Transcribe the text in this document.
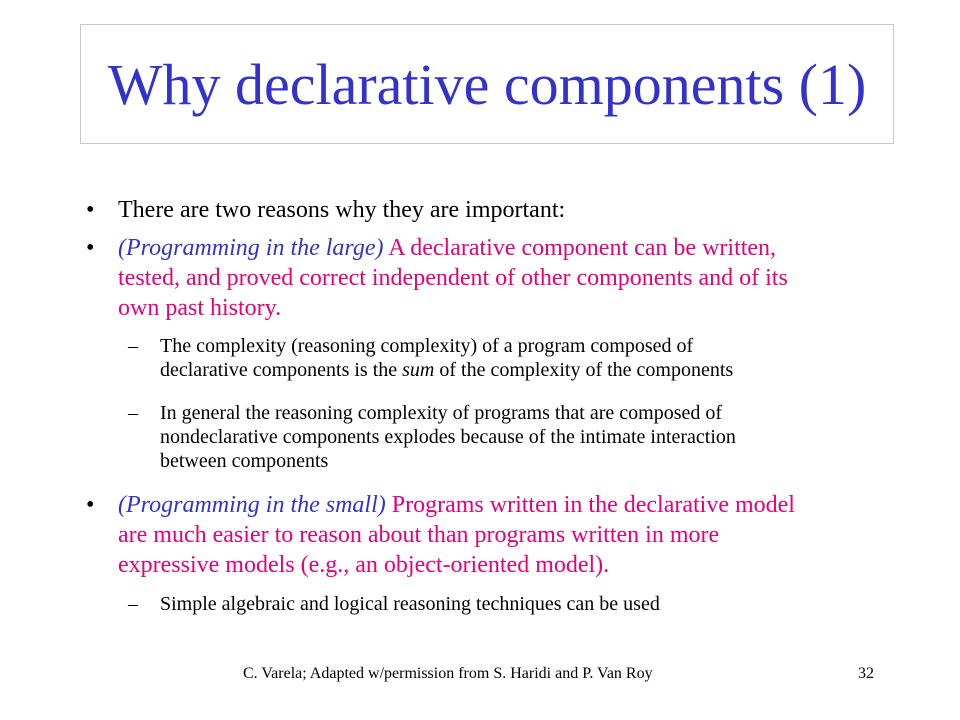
Why declarative components (1)
• There are two reasons why they are important:
• (Programming in the large) A declarative component can be written,
tested, and proved correct independent of other components and of its
own past history.
– The complexity (reasoning complexity) of a program composed of
declarative components is the sum of the complexity of the components
– In general the reasoning complexity of programs that are composed of
nondeclarative components explodes because of the intimate interaction
between components
• (Programming in the small) Programs written in the declarative model
are much easier to reason about than programs written in more
expressive models (e.g., an object-oriented model).
– Simple algebraic and logical reasoning techniques can be used
C. Varela; Adapted w/permission from S. Haridi and P. Van Roy	32
